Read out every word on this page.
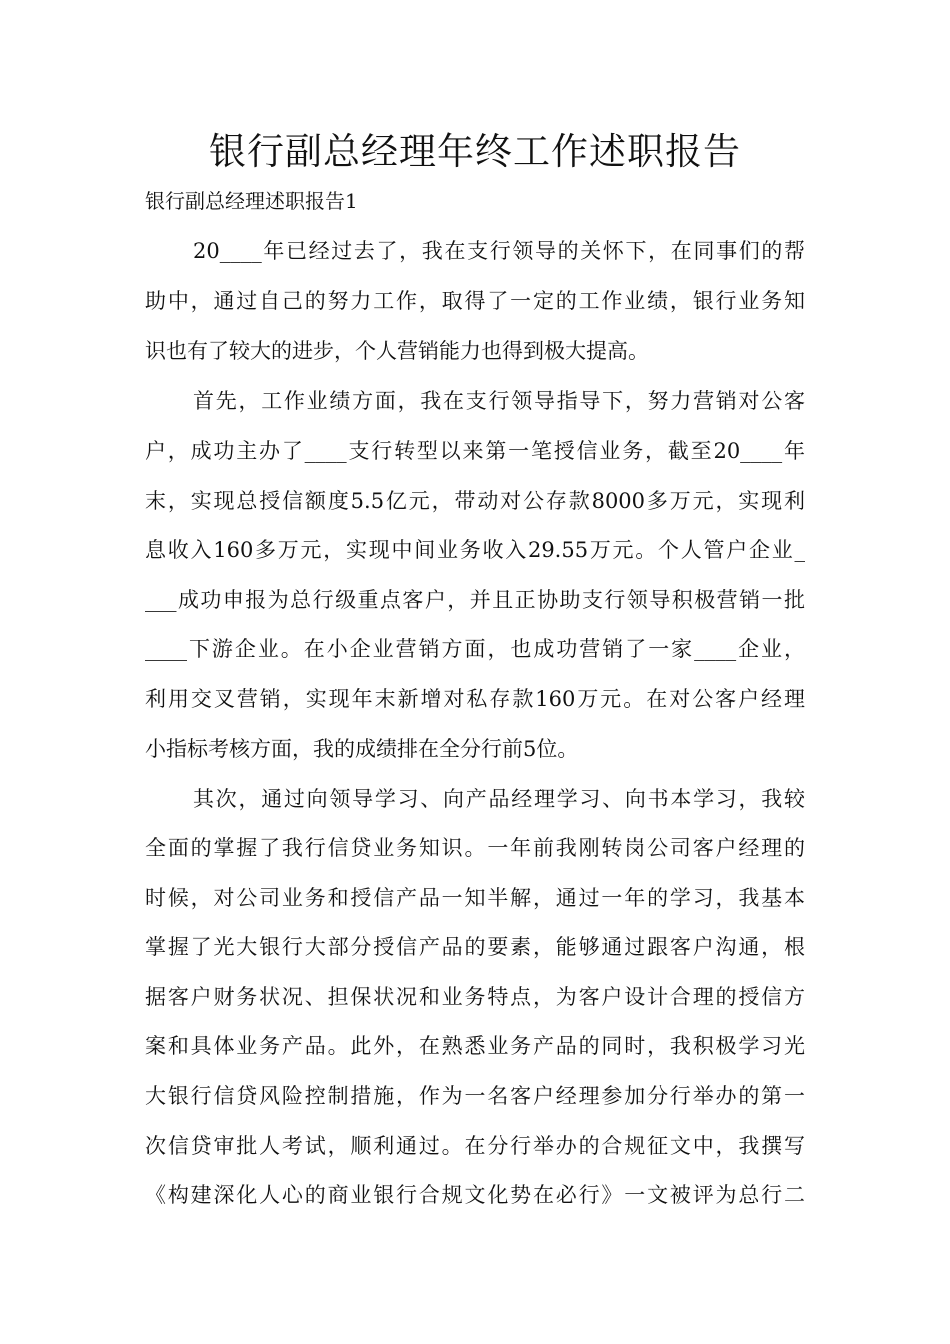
银行副总经理年终工作述职报告
银行副总经理述职报告1
20____年已经过去了，我在支行领导的关怀下，在同事们的帮
助中，通过自己的努力工作，取得了一定的工作业绩，银行业务知
识也有了较大的进步，个人营销能力也得到极大提高。
首先，工作业绩方面，我在支行领导指导下，努力营销对公客
户，成功主办了____支行转型以来第一笔授信业务，截至20____年
末，实现总授信额度5.5亿元，带动对公存款8000多万元，实现利
息收入160多万元，实现中间业务收入29.55万元。个人管户企业_
___成功申报为总行级重点客户，并且正协助支行领导积极营销一批
____下游企业。在小企业营销方面，也成功营销了一家____企业，
利用交叉营销，实现年末新增对私存款160万元。在对公客户经理
小指标考核方面，我的成绩排在全分行前5位。
其次，通过向领导学习、向产品经理学习、向书本学习，我较
全面的掌握了我行信贷业务知识。一年前我刚转岗公司客户经理的
时候，对公司业务和授信产品一知半解，通过一年的学习，我基本
掌握了光大银行大部分授信产品的要素，能够通过跟客户沟通，根
据客户财务状况、担保状况和业务特点，为客户设计合理的授信方
案和具体业务产品。此外，在熟悉业务产品的同时，我积极学习光
大银行信贷风险控制措施，作为一名客户经理参加分行举办的第一
次信贷审批人考试，顺利通过。在分行举办的合规征文中，我撰写
《构建深化人心的商业银行合规文化势在必行》一文被评为总行二
